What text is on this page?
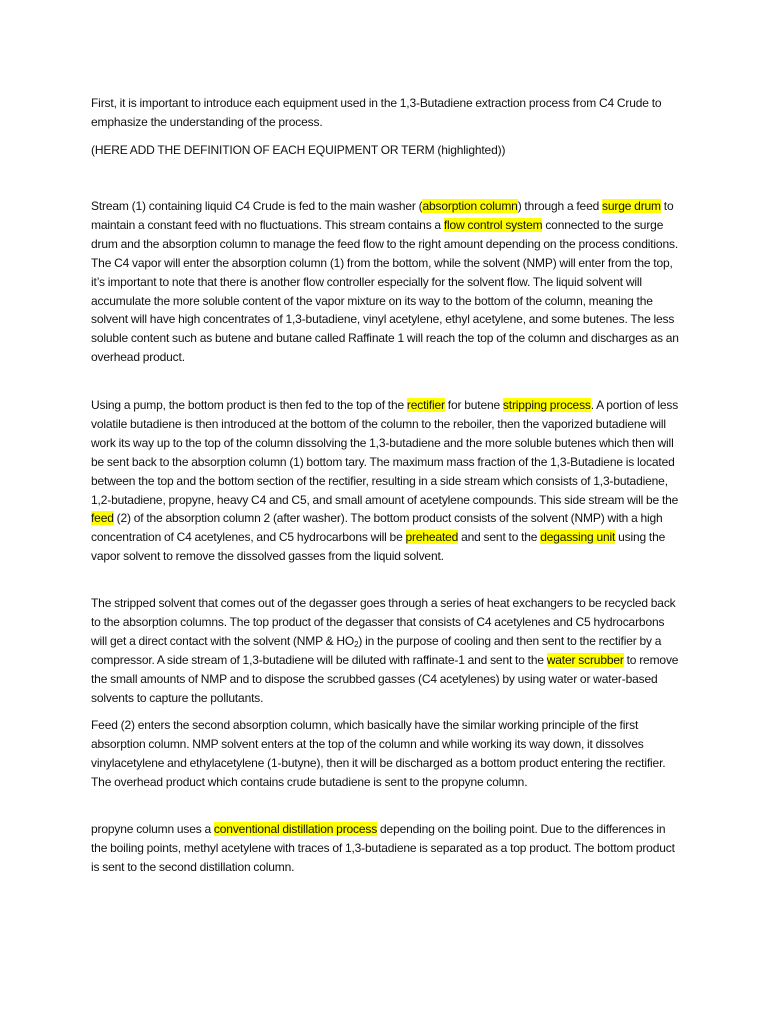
First, it is important to introduce each equipment used in the 1,3-Butadiene extraction process from C4 Crude to emphasize the understanding of the process.

(HERE ADD THE DEFINITION OF EACH EQUIPMENT OR TERM (highlighted))

Stream (1) containing liquid C4 Crude is fed to the main washer (absorption column) through a feed surge drum to maintain a constant feed with no fluctuations. This stream contains a flow control system connected to the surge drum and the absorption column to manage the feed flow to the right amount depending on the process conditions. The C4 vapor will enter the absorption column (1) from the bottom, while the solvent (NMP) will enter from the top, it’s important to note that there is another flow controller especially for the solvent flow. The liquid solvent will accumulate the more soluble content of the vapor mixture on its way to the bottom of the column, meaning the solvent will have high concentrates of 1,3-butadiene, vinyl acetylene, ethyl acetylene, and some butenes. The less soluble content such as butene and butane called Raffinate 1 will reach the top of the column and discharges as an overhead product.

Using a pump, the bottom product is then fed to the top of the rectifier for butene stripping process. A portion of less volatile butadiene is then introduced at the bottom of the column to the reboiler, then the vaporized butadiene will work its way up to the top of the column dissolving the 1,3-butadiene and the more soluble butenes which then will be sent back to the absorption column (1) bottom tary. The maximum mass fraction of the 1,3-Butadiene is located between the top and the bottom section of the rectifier, resulting in a side stream which consists of 1,3-butadiene, 1,2-butadiene, propyne, heavy C4 and C5, and small amount of acetylene compounds. This side stream will be the feed (2) of the absorption column 2 (after washer). The bottom product consists of the solvent (NMP) with a high concentration of C4 acetylenes, and C5 hydrocarbons will be preheated and sent to the degassing unit using the vapor solvent to remove the dissolved gasses from the liquid solvent.

The stripped solvent that comes out of the degasser goes through a series of heat exchangers to be recycled back to the absorption columns. The top product of the degasser that consists of C4 acetylenes and C5 hydrocarbons will get a direct contact with the solvent (NMP & $HO_2$) in the purpose of cooling and then sent to the rectifier by a compressor. A side stream of 1,3-butadiene will be diluted with raffinate-1 and sent to the water scrubber to remove the small amounts of NMP and to dispose the scrubbed gasses (C4 acetylenes) by using water or water-based solvents to capture the pollutants.

Feed (2) enters the second absorption column, which basically have the similar working principle of the first absorption column. NMP solvent enters at the top of the column and while working its way down, it dissolves vinylacetylene and ethylacetylene (1-butyne), then it will be discharged as a bottom product entering the rectifier. The overhead product which contains crude butadiene is sent to the propyne column.

propyne column uses a conventional distillation process depending on the boiling point. Due to the differences in the boiling points, methyl acetylene with traces of 1,3-butadiene is separated as a top product. The bottom product is sent to the second distillation column.
